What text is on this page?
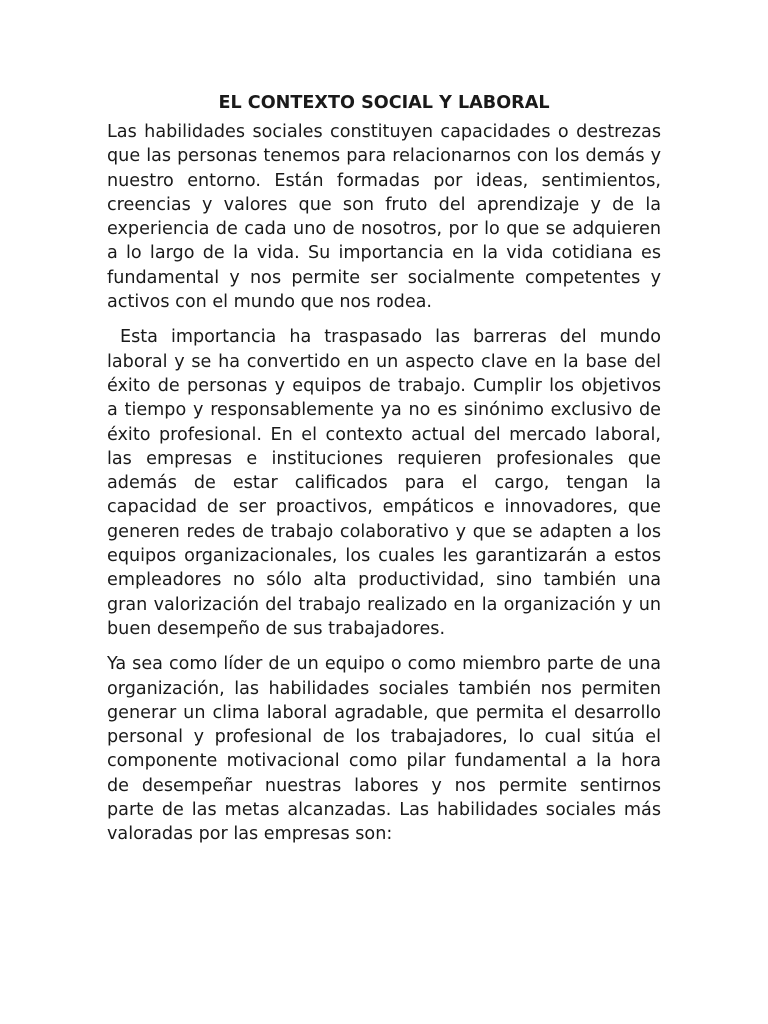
EL CONTEXTO SOCIAL Y LABORAL

Las habilidades sociales constituyen capacidades o destrezas que las personas tenemos para relacionarnos con los demás y nuestro entorno. Están formadas por ideas, sentimientos, creencias y valores que son fruto del aprendizaje y de la experiencia de cada uno de nosotros, por lo que se adquieren a lo largo de la vida. Su importancia en la vida cotidiana es fundamental y nos permite ser socialmente competentes y activos con el mundo que nos rodea.

Esta importancia ha traspasado las barreras del mundo laboral y se ha convertido en un aspecto clave en la base del éxito de personas y equipos de trabajo. Cumplir los objetivos a tiempo y responsablemente ya no es sinónimo exclusivo de éxito profesional. En el contexto actual del mercado laboral, las empresas e instituciones requieren profesionales que además de estar calificados para el cargo, tengan la capacidad de ser proactivos, empáticos e innovadores, que generen redes de trabajo colaborativo y que se adapten a los equipos organizacionales, los cuales les garantizarán a estos empleadores no sólo alta productividad, sino también una gran valorización del trabajo realizado en la organización y un buen desempeño de sus trabajadores.

Ya sea como líder de un equipo o como miembro parte de una organización, las habilidades sociales también nos permiten generar un clima laboral agradable, que permita el desarrollo personal y profesional de los trabajadores, lo cual sitúa el componente motivacional como pilar fundamental a la hora de desempeñar nuestras labores y nos permite sentirnos parte de las metas alcanzadas. Las habilidades sociales más valoradas por las empresas son:
